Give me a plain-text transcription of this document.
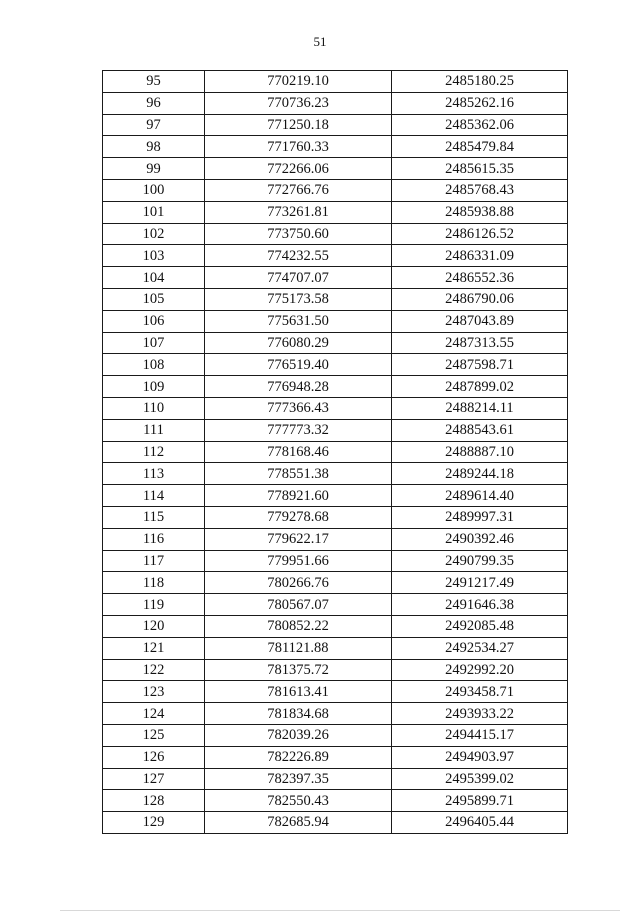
51
95	770219.10	2485180.25
96	770736.23	2485262.16
97	771250.18	2485362.06
98	771760.33	2485479.84
99	772266.06	2485615.35
100	772766.76	2485768.43
101	773261.81	2485938.88
102	773750.60	2486126.52
103	774232.55	2486331.09
104	774707.07	2486552.36
105	775173.58	2486790.06
106	775631.50	2487043.89
107	776080.29	2487313.55
108	776519.40	2487598.71
109	776948.28	2487899.02
110	777366.43	2488214.11
111	777773.32	2488543.61
112	778168.46	2488887.10
113	778551.38	2489244.18
114	778921.60	2489614.40
115	779278.68	2489997.31
116	779622.17	2490392.46
117	779951.66	2490799.35
118	780266.76	2491217.49
119	780567.07	2491646.38
120	780852.22	2492085.48
121	781121.88	2492534.27
122	781375.72	2492992.20
123	781613.41	2493458.71
124	781834.68	2493933.22
125	782039.26	2494415.17
126	782226.89	2494903.97
127	782397.35	2495399.02
128	782550.43	2495899.71
129	782685.94	2496405.44
